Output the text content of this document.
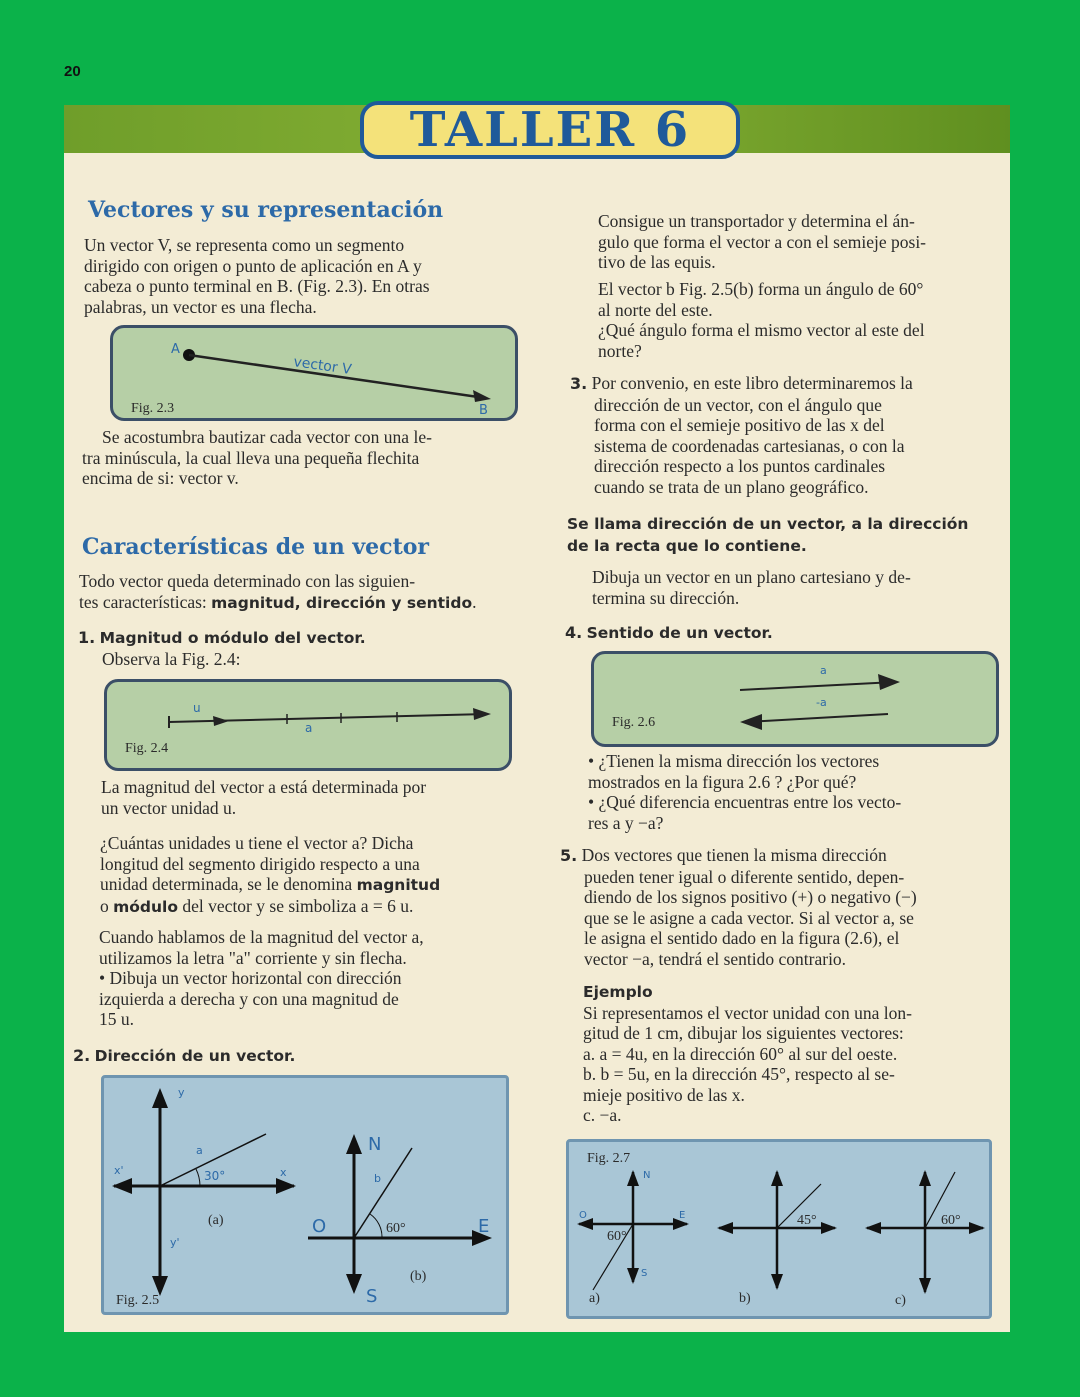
20
TALLER 6
Vectores y su representación
Un vector V, se representa como un segmento
dirigido con origen o punto de aplicación en A y
cabeza o punto terminal en B. (Fig. 2.3). En otras
palabras, un vector es una flecha.
A
B
vector V
Fig. 2.3
Se acostumbra bautizar cada vector con una le-
tra minúscula, la cual lleva una pequeña flechita
encima de si: vector v.
Características de un vector
Todo vector queda determinado con las siguien-
tes características: magnitud, dirección y sentido.
1. Magnitud o módulo del vector.
Observa la Fig. 2.4:
u
a
Fig. 2.4
La magnitud del vector a está determinada por
un vector unidad u.
¿Cuántas unidades u tiene el vector a? Dicha
longitud del segmento dirigido respecto a una
unidad determinada, se le denomina magnitud
o módulo del vector y se simboliza a = 6 u.
Cuando hablamos de la magnitud del vector a,
utilizamos la letra "a" corriente y sin flecha.
• Dibuja un vector horizontal con dirección
izquierda a derecha y con una magnitud de
15 u.
2. Dirección de un vector.
30°
a
y
y'
x
x'
(a)
60°
N
S
O	E
b
(b)
Fig. 2.5
Consigue un transportador y determina el án-
gulo que forma el vector a con el semieje posi-
tivo de las equis.
El vector b Fig. 2.5(b) forma un ángulo de 60°
al norte del este.
¿Qué ángulo forma el mismo vector al este del
norte?
3. Por convenio, en este libro determinaremos la
dirección de un vector, con el ángulo que
forma con el semieje positivo de las x del
sistema de coordenadas cartesianas, o con la
dirección respecto a los puntos cardinales
cuando se trata de un plano geográfico.
Se llama dirección de un vector, a la dirección
de la recta que lo contiene.
Dibuja un vector en un plano cartesiano y de-
termina su dirección.
4. Sentido de un vector.
a
-a
Fig. 2.6
• ¿Tienen la misma dirección los vectores
mostrados en la figura 2.6 ? ¿Por qué?
• ¿Qué diferencia encuentras entre los vecto-
res a y −a?
5. Dos vectores que tienen la misma dirección
pueden tener igual o diferente sentido, depen-
diendo de los signos positivo (+) o negativo (−)
que se le asigne a cada vector. Si al vector a, se
le asigna el sentido dado en la figura (2.6), el
vector −a, tendrá el sentido contrario.
Ejemplo
Si representamos el vector unidad con una lon-
gitud de 1 cm, dibujar los siguientes vectores:
a. a = 4u, en la dirección 60° al sur del oeste.
b. b = 5u, en la dirección 45°, respecto al se-
mieje positivo de las x.
c. −a.
Fig. 2.7
60°
N
S
O	E
a)
45°
b)
60°
c)
